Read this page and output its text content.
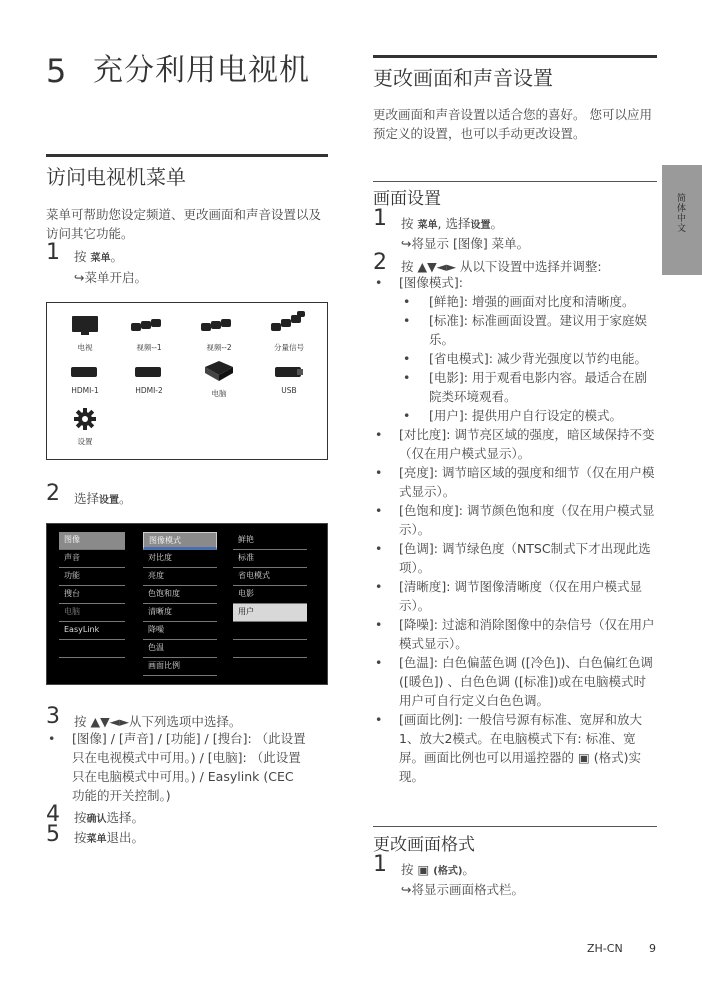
5 充分利用电视机
访问电视机菜单
菜单可帮助您设定频道、更改画面和声音设置以及访问其它功能。
1 按 菜单。
↪菜单开启。
电视	视频--1	视频--2	分量信号
HDMI-1	HDMI-2	电脑	USB
设置
2 选择设置。
图像
声音
功能
搜台
电脑
EasyLink
图像模式
对比度
亮度
色饱和度
清晰度
降噪
色温
画面比例
鲜艳
标准
省电模式
电影
用户
3 按 ▲▼◄►从下列选项中选择。
• [图像] / [声音] / [功能] / [搜台]: （此设置只在电视模式中可用。) / [电脑]: （此设置只在电脑模式中可用。) / Easylink (CEC功能的开关控制。)
4 按确认选择。
5 按菜单退出。
更改画面和声音设置
更改画面和声音设置以适合您的喜好。 您可以应用预定义的设置，也可以手动更改设置。
画面设置
1 按 菜单, 选择设置。
↪将显示 [图像] 菜单。
2 按 ▲▼◄► 从以下设置中选择并调整:
• [图像模式]:
• [鲜艳]: 增强的画面对比度和清晰度。
• [标准]: 标准画面设置。建议用于家庭娱乐。
• [省电模式]: 减少背光强度以节约电能。
• [电影]: 用于观看电影内容。最适合在剧院类环境观看。
• [用户]: 提供用户自行设定的模式。
• [对比度]: 调节亮区域的强度，暗区域保持不变（仅在用户模式显示）。
• [亮度]: 调节暗区域的强度和细节（仅在用户模式显示）。
• [色饱和度]: 调节颜色饱和度（仅在用户模式显示）。
• [色调]: 调节绿色度（NTSC制式下才出现此选项）。
• [清晰度]: 调节图像清晰度（仅在用户模式显示）。
• [降噪]: 过滤和消除图像中的杂信号（仅在用户模式显示）。
• [色温]: 白色偏蓝色调 ([冷色])、白色偏红色调 ([暖色]) 、白色色调 ([标准])或在电脑模式时用户可自行定义白色色调。
• [画面比例]: 一般信号源有标准、宽屏和放大1、放大2模式。在电脑模式下有: 标准、宽屏。画面比例也可以用遥控器的 ▣ (格式)实现。
更改画面格式
1 按 ▣ (格式)。
↪将显示画面格式栏。
简体中文
ZH-CN 9
